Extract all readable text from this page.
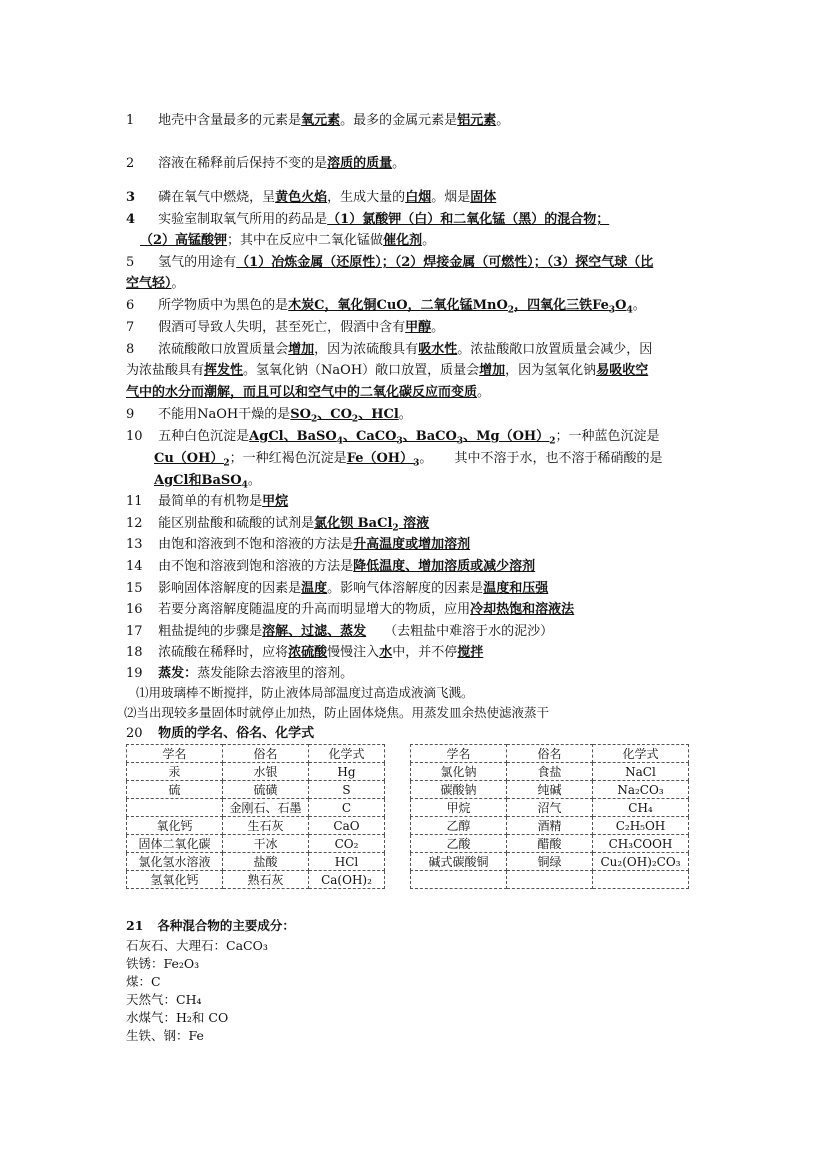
1 地壳中含量最多的元素是氧元素。最多的金属元素是铝元素。
2 溶液在稀释前后保持不变的是溶质的质量。
3 磷在氧气中燃烧，呈黄色火焰，生成大量的白烟。烟是固体
4 实验室制取氧气所用的药品是（1）氯酸钾（白）和二氧化锰（黑）的混合物；
（2）高锰酸钾；其中在反应中二氧化锰做催化剂。
5 氢气的用途有（1）冶炼金属（还原性）；（2）焊接金属（可燃性）；（3）探空气球（比
空气轻）。
6 所学物质中为黑色的是木炭C，氧化铜CuO，二氧化锰MnO$_2$，四氧化三铁$Fe_3O_4$。
7 假酒可导致人失明，甚至死亡，假酒中含有甲醇。
8 浓硫酸敞口放置质量会增加，因为浓硫酸具有吸水性。浓盐酸敞口放置质量会减少，因
为浓盐酸具有挥发性。氢氧化钠（NaOH）敞口放置，质量会增加，因为氢氧化钠易吸收空
气中的水分而潮解，而且可以和空气中的二氧化碳反应而变质。
9 不能用NaOH干燥的是$SO_2$、$CO_2$、HCl。
10 五种白色沉淀是AgCl、BaSO$_4$、CaCO$_3$、BaCO$_3$、$Mg(OH)_2$；一种蓝色沉淀是
$Cu(OH)_2$；一种红褐色沉淀是$Fe(OH)_3$。 其中不溶于水，也不溶于稀硝酸的是
AgCl和BaSO$_4$。
11 最简单的有机物是甲烷
12 能区别盐酸和硫酸的试剂是氯化钡 BaCl$_2$ 溶液
13 由饱和溶液到不饱和溶液的方法是升高温度或增加溶剂
14 由不饱和溶液到饱和溶液的方法是降低温度、增加溶质或减少溶剂
15 影响固体溶解度的因素是温度。影响气体溶解度的因素是温度和压强
16 若要分离溶解度随温度的升高而明显增大的物质，应用冷却热饱和溶液法
17 粗盐提纯的步骤是溶解、过滤、蒸发 （去粗盐中难溶于水的泥沙）
18 浓硫酸在稀释时，应将浓硫酸慢慢注入水中，并不停搅拌
19 蒸发：蒸发能除去溶液里的溶剂。
⑴用玻璃棒不断搅拌，防止液体局部温度过高造成液滴飞溅。
⑵当出现较多量固体时就停止加热，防止固体烧焦。用蒸发皿余热使滤液蒸干
20 物质的学名、俗名、化学式
学名	俗名	化学式
汞	水银	Hg
硫	硫磺	S
	金刚石、石墨	C
氧化钙	生石灰	CaO
固体二氧化碳	干冰	CO₂
氯化氢水溶液	盐酸	HCl
氢氧化钙	熟石灰	Ca(OH)₂
学名	俗名	化学式
氯化钠	食盐	NaCl
碳酸钠	纯碱	Na₂CO₃
甲烷	沼气	CH₄
乙醇	酒精	C₂H₅OH
乙酸	醋酸	CH₃COOH
碱式碳酸铜	铜绿	Cu₂(OH)₂CO₃

21 各种混合物的主要成分：
石灰石、大理石：CaCO₃
铁锈：Fe₂O₃
煤：C
天然气：CH₄
水煤气：H₂和 CO
生铁、钢：Fe
